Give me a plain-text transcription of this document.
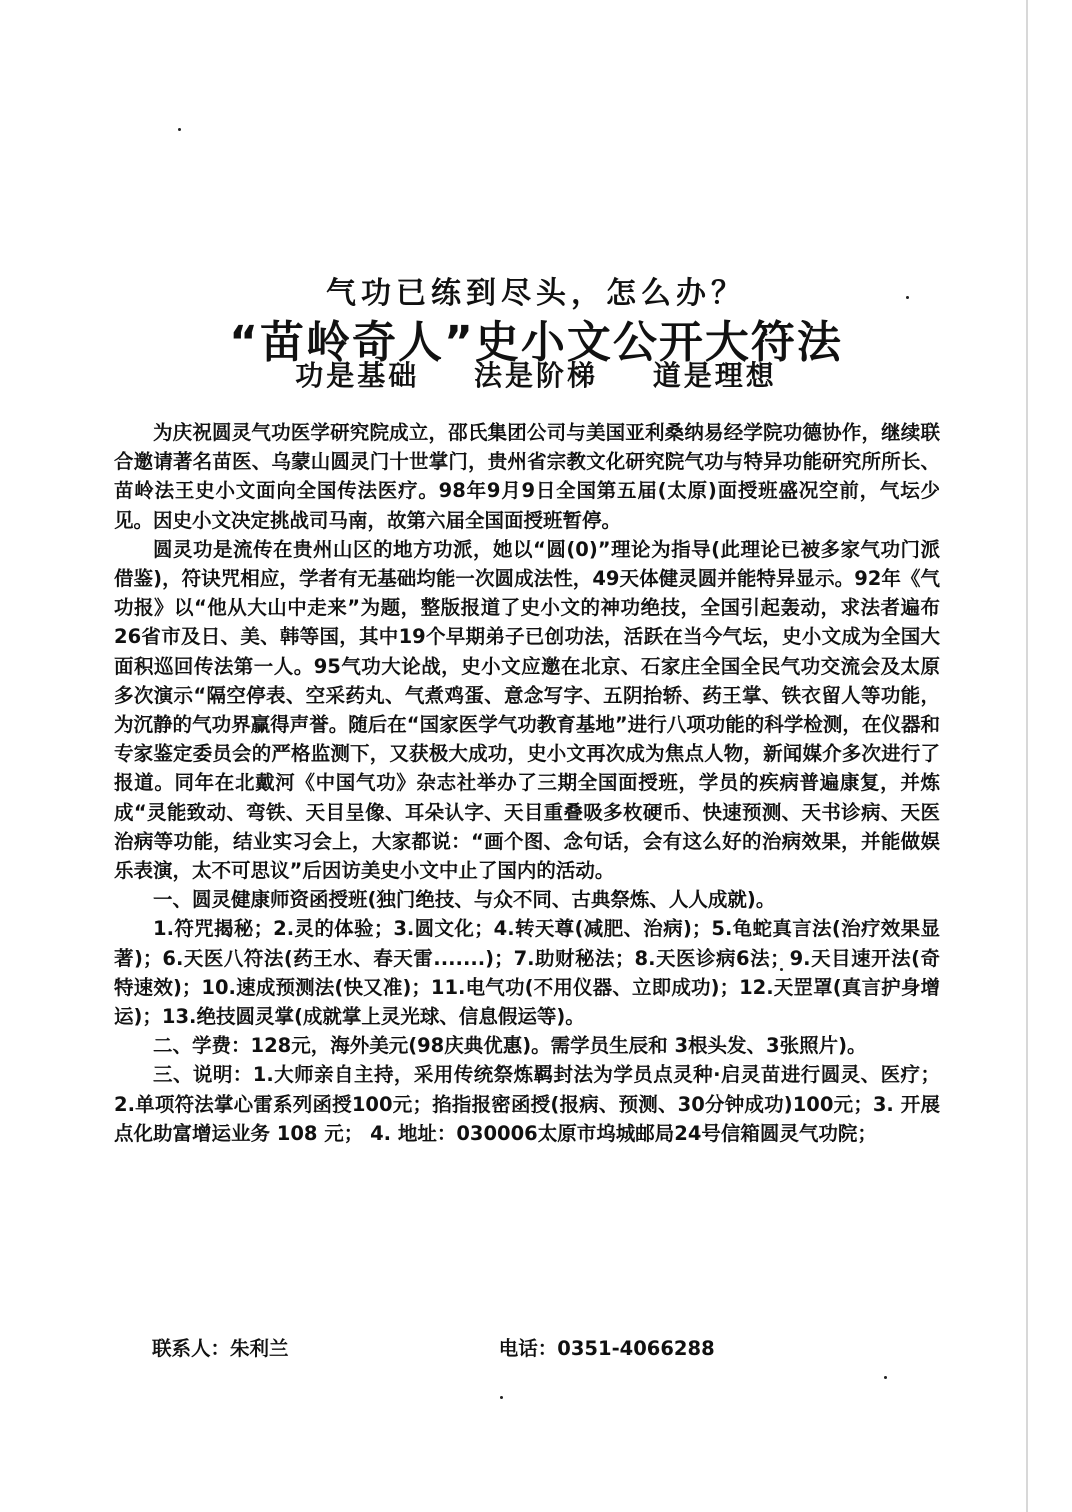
气功已练到尽头，怎么办？
“苗岭奇人”史小文公开大符法
功是基础 法是阶梯 道是理想

为庆祝圆灵气功医学研究院成立，邵氏集团公司与美国亚利桑纳易经学院功德协作，继续联合邀请著名苗医、乌蒙山圆灵门十世掌门，贵州省宗教文化研究院气功与特异功能研究所所长、苗岭法王史小文面向全国传法医疗。98年9月9日全国第五届(太原)面授班盛况空前，气坛少见。因史小文决定挑战司马南，故第六届全国面授班暂停。

圆灵功是流传在贵州山区的地方功派，她以“圆(0)”理论为指导(此理论已被多家气功门派借鉴)，符诀咒相应，学者有无基础均能一次圆成法性，49天体健灵圆并能特异显示。92年《气功报》以“他从大山中走来”为题，整版报道了史小文的神功绝技，全国引起轰动，求法者遍布26省市及日、美、韩等国，其中19个早期弟子已创功法，活跃在当今气坛，史小文成为全国大面积巡回传法第一人。95气功大论战，史小文应邀在北京、石家庄全国全民气功交流会及太原多次演示“隔空停表、空采药丸、气煮鸡蛋、意念写字、五阴抬轿、药王掌、铁衣留人等功能，为沉静的气功界赢得声誉。随后在“国家医学气功教育基地”进行八项功能的科学检测，在仪器和专家鉴定委员会的严格监测下，又获极大成功，史小文再次成为焦点人物，新闻媒介多次进行了报道。同年在北戴河《中国气功》杂志社举办了三期全国面授班，学员的疾病普遍康复，并炼成“灵能致动、弯铁、天目呈像、耳朵认字、天目重叠吸多枚硬币、快速预测、天书诊病、天医治病等功能，结业实习会上，大家都说：“画个图、念句话，会有这么好的治病效果，并能做娱乐表演，太不可思议”后因访美史小文中止了国内的活动。

一、圆灵健康师资函授班(独门绝技、与众不同、古典祭炼、人人成就)。

1.符咒揭秘；2.灵的体验；3.圆文化；4.转天尊(减肥、治病)；5.龟蛇真言法(治疗效果显著)；6.天医八符法(药王水、春天雷.......)；7.助财秘法；8.天医诊病6法；9.天目速开法(奇特速效)；10.速成预测法(快又准)；11.电气功(不用仪器、立即成功)；12.天罡罩(真言护身增运)；13.绝技圆灵掌(成就掌上灵光球、信息假运等)。

二、学费：128元，海外美元(98庆典优惠)。需学员生辰和 3根头发、3张照片)。

三、说明：1.大师亲自主持，采用传统祭炼羁封法为学员点灵种·启灵苗进行圆灵、医疗；2.单项符法掌心雷系列函授100元；掐指报密函授(报病、预测、30分钟成功)100元；3. 开展点化助富增运业务 108 元； 4. 地址：030006太原市坞城邮局24号信箱圆灵气功院；

联系人：朱利兰	电话：0351-4066288
